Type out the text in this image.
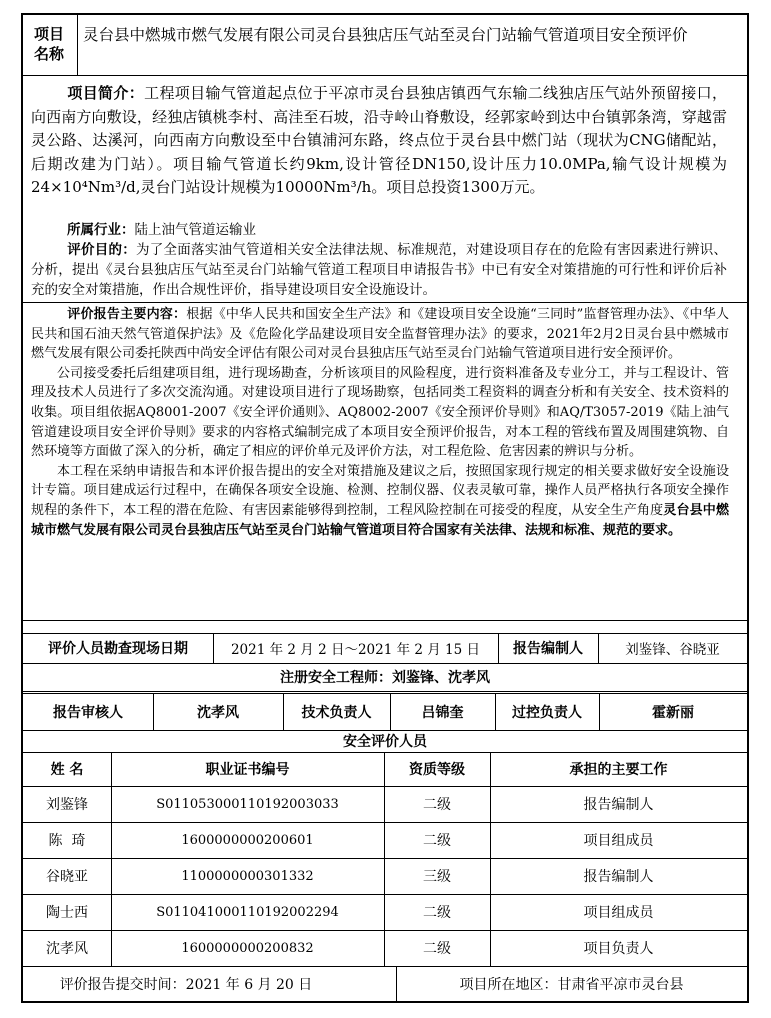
项目名称
灵台县中燃城市燃气发展有限公司灵台县独店压气站至灵台门站输气管道项目安全预评价
项目简介：工程项目输气管道起点位于平凉市灵台县独店镇西气东输二线独店压气站外预留接口，向西南方向敷设，经独店镇桃李村、高洼至石坡，沿寺岭山脊敷设，经郭家岭到达中台镇郭条湾，穿越雷灵公路、达溪河，向西南方向敷设至中台镇浦河东路，终点位于灵台县中燃门站（现状为CNG储配站，后期改建为门站）。项目输气管道长约9km,设计管径DN150,设计压力10.0MPa,输气设计规模为24×10⁴Nm³/d,灵台门站设计规模为10000Nm³/h。项目总投资1300万元。
所属行业：陆上油气管道运输业
评价目的：为了全面落实油气管道相关安全法律法规、标准规范，对建设项目存在的危险有害因素进行辨识、分析，提出《灵台县独店压气站至灵台门站输气管道工程项目申请报告书》中已有安全对策措施的可行性和评价后补充的安全对策措施，作出合规性评价，指导建设项目安全设施设计。
评价报告主要内容：根据《中华人民共和国安全生产法》和《建设项目安全设施“三同时”监督管理办法》、《中华人民共和国石油天然气管道保护法》及《危险化学品建设项目安全监督管理办法》的要求，2021年2月2日灵台县中燃城市燃气发展有限公司委托陕西中尚安全评估有限公司对灵台县独店压气站至灵台门站输气管道项目进行安全预评价。
公司接受委托后组建项目组，进行现场勘查，分析该项目的风险程度，进行资料准备及专业分工，并与工程设计、管理及技术人员进行了多次交流沟通。对建设项目进行了现场勘察，包括同类工程资料的调查分析和有关安全、技术资料的收集。项目组依据AQ8001-2007《安全评价通则》、AQ8002-2007《安全预评价导则》和AQ/T3057-2019《陆上油气管道建设项目安全评价导则》要求的内容格式编制完成了本项目安全预评价报告，对本工程的管线布置及周围建筑物、自然环境等方面做了深入的分析，确定了相应的评价单元及评价方法，对工程危险、危害因素的辨识与分析。
本工程在采纳申请报告和本评价报告提出的安全对策措施及建议之后，按照国家现行规定的相关要求做好安全设施设计专篇。项目建成运行过程中，在确保各项安全设施、检测、控制仪器、仪表灵敏可靠，操作人员严格执行各项安全操作规程的条件下，本工程的潜在危险、有害因素能够得到控制，工程风险控制在可接受的程度，从安全生产角度灵台县中燃城市燃气发展有限公司灵台县独店压气站至灵台门站输气管道项目符合国家有关法律、法规和标准、规范的要求。
评价人员勘查现场日期	2021 年 2 月 2 日～2021 年 2 月 15 日	报告编制人	刘鉴锋、谷晓亚
注册安全工程师：刘鉴锋、沈孝风
报告审核人	沈孝风	技术负责人	吕锦奎	过控负责人	霍新丽
安全评价人员
姓 名	职业证书编号	资质等级	承担的主要工作
刘鉴锋	S011053000110192003033	二级	报告编制人
陈  琦	1600000000200601	二级	项目组成员
谷晓亚	1100000000301332	三级	报告编制人
陶士西	S011041000110192002294	二级	项目组成员
沈孝风	1600000000200832	二级	项目负责人
评价报告提交时间：2021 年 6 月 20 日	项目所在地区：甘肃省平凉市灵台县
